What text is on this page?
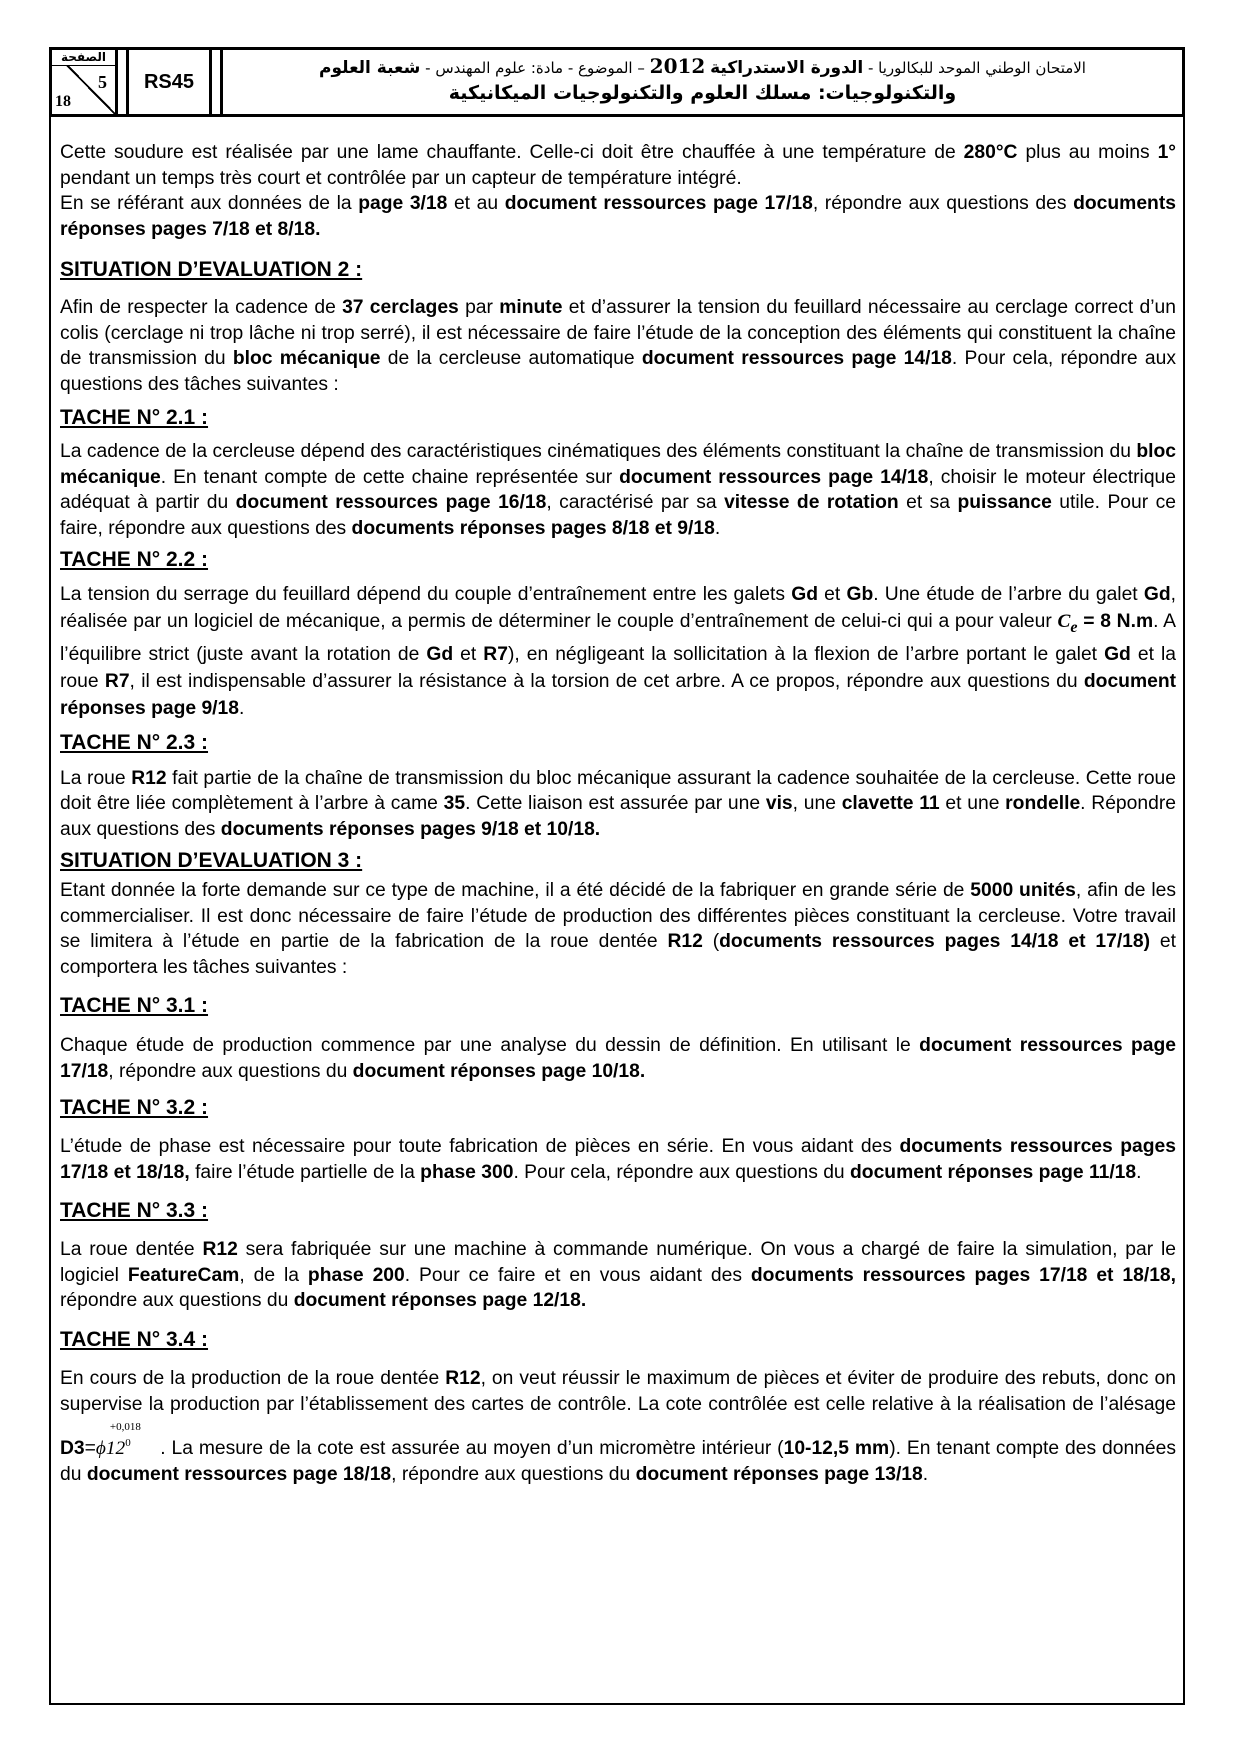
الصفحة
5
18
RS45
الامتحان الوطني الموحد للبكالوريا - الدورة الاستدراكية 2012 – الموضوع - مادة: علوم المهندس - شعبة العلوم
والتكنولوجيات: مسلك العلوم والتكنولوجيات الميكانيكية

Cette soudure est réalisée par une lame chauffante. Celle-ci doit être chauffée à une température de 280°C plus au moins 1° pendant un temps très court et contrôlée par un capteur de température intégré.

En se référant aux données de la page 3/18 et au document ressources page 17/18, répondre aux questions des documents réponses pages 7/18 et 8/18.

SITUATION D’EVALUATION 2 :

Afin de respecter la cadence de 37 cerclages par minute et d’assurer la tension du feuillard nécessaire au cerclage correct d’un colis (cerclage ni trop lâche ni trop serré), il est nécessaire de faire l’étude de la conception des éléments qui constituent la chaîne de transmission du bloc mécanique de la cercleuse automatique document ressources page 14/18. Pour cela, répondre aux questions des tâches suivantes :

TACHE N° 2.1 :

La cadence de la cercleuse dépend des caractéristiques cinématiques des éléments constituant la chaîne de transmission du bloc mécanique. En tenant compte de cette chaine représentée sur document ressources page 14/18, choisir le moteur électrique adéquat à partir du document ressources page 16/18, caractérisé par sa vitesse de rotation et sa puissance utile. Pour ce faire, répondre aux questions des documents réponses pages 8/18 et 9/18.

TACHE N° 2.2 :

La tension du serrage du feuillard dépend du couple d’entraînement entre les galets Gd et Gb. Une étude de l’arbre du galet Gd, réalisée par un logiciel de mécanique, a permis de déterminer le couple d’entraînement de celui-ci qui a pour valeur $C_e = 8$ N.m. A l’équilibre strict (juste avant la rotation de Gd et R7), en négligeant la sollicitation à la flexion de l’arbre portant le galet Gd et la roue R7, il est indispensable d’assurer la résistance à la torsion de cet arbre. A ce propos, répondre aux questions du document réponses page 9/18.

TACHE N° 2.3 :

La roue R12 fait partie de la chaîne de transmission du bloc mécanique assurant la cadence souhaitée de la cercleuse. Cette roue doit être liée complètement à l’arbre à came 35. Cette liaison est assurée par une vis, une clavette 11 et une rondelle. Répondre aux questions des documents réponses pages 9/18 et 10/18.

SITUATION D’EVALUATION 3 :

Etant donnée la forte demande sur ce type de machine, il a été décidé de la fabriquer en grande série de 5000 unités, afin de les commercialiser. Il est donc nécessaire de faire l’étude de production des différentes pièces constituant la cercleuse. Votre travail se limitera à l’étude en partie de la fabrication de la roue dentée R12 (documents ressources pages 14/18 et 17/18) et comportera les tâches suivantes :

TACHE N° 3.1 :

Chaque étude de production commence par une analyse du dessin de définition. En utilisant le document ressources page 17/18, répondre aux questions du document réponses page 10/18.

TACHE N° 3.2 :

L’étude de phase est nécessaire pour toute fabrication de pièces en série. En vous aidant des documents ressources pages 17/18 et 18/18, faire l’étude partielle de la phase 300. Pour cela, répondre aux questions du document réponses page 11/18.

TACHE N° 3.3 :

La roue dentée R12 sera fabriquée sur une machine à commande numérique. On vous a chargé de faire la simulation, par le logiciel FeatureCam, de la phase 200. Pour ce faire et en vous aidant des documents ressources pages 17/18 et 18/18, répondre aux questions du document réponses page 12/18.

TACHE N° 3.4 :

En cours de la production de la roue dentée R12, on veut réussir le maximum de pièces et éviter de produire des rebuts, donc on supervise la production par l’établissement des cartes de contrôle. La cote contrôlée est celle relative à la réalisation de l’alésage D3=ϕ12
+0,018
$_0$     . La mesure de la cote est assurée au moyen d’un micromètre intérieur (10-12,5 mm). En tenant compte des données du document ressources page 18/18, répondre aux questions du document réponses page 13/18.
